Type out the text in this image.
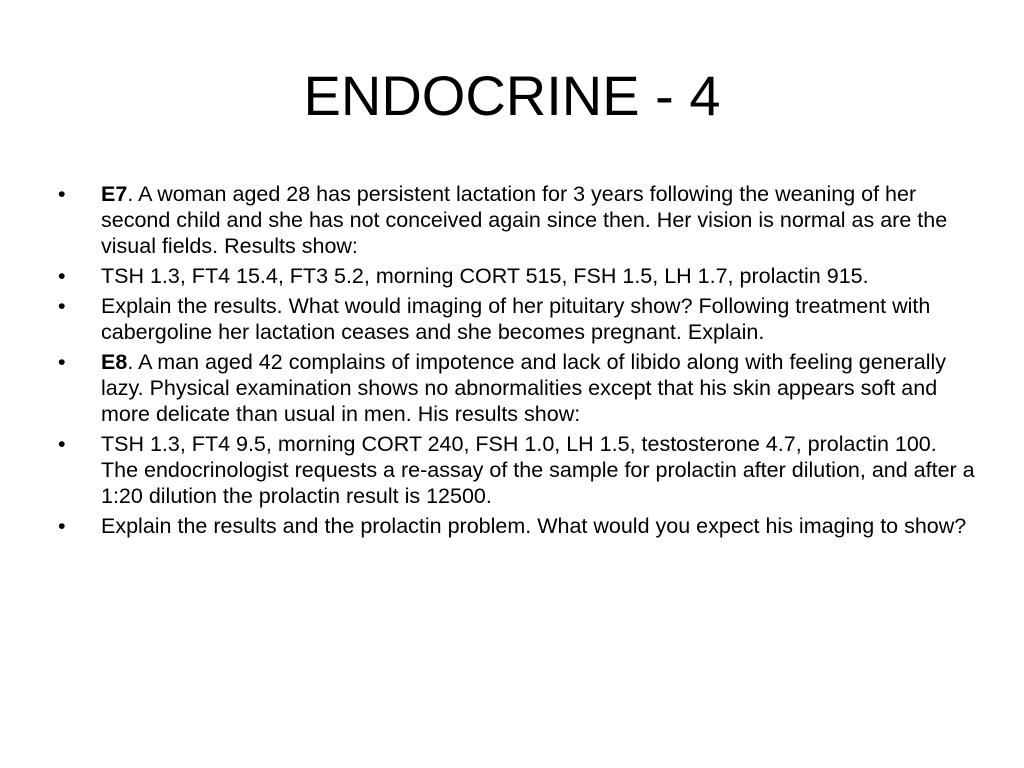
ENDOCRINE - 4
•	E7. A woman aged 28 has persistent lactation for 3 years following the weaning of her second child and she has not conceived again since then. Her vision is normal as are the visual fields. Results show:
•	TSH 1.3, FT4 15.4, FT3 5.2, morning CORT 515, FSH 1.5, LH 1.7, prolactin 915.
•	Explain the results. What would imaging of her pituitary show? Following treatment with cabergoline her lactation ceases and she becomes pregnant. Explain.
•	E8. A man aged 42 complains of impotence and lack of libido along with feeling generally lazy. Physical examination shows no abnormalities except that his skin appears soft and more delicate than usual in men. His results show:
•	TSH 1.3, FT4 9.5, morning CORT 240, FSH 1.0, LH 1.5, testosterone 4.7, prolactin 100. The endocrinologist requests a re-assay of the sample for prolactin after dilution, and after a 1:20 dilution the prolactin result is 12500.
•	Explain the results and the prolactin problem. What would you expect his imaging to show?
